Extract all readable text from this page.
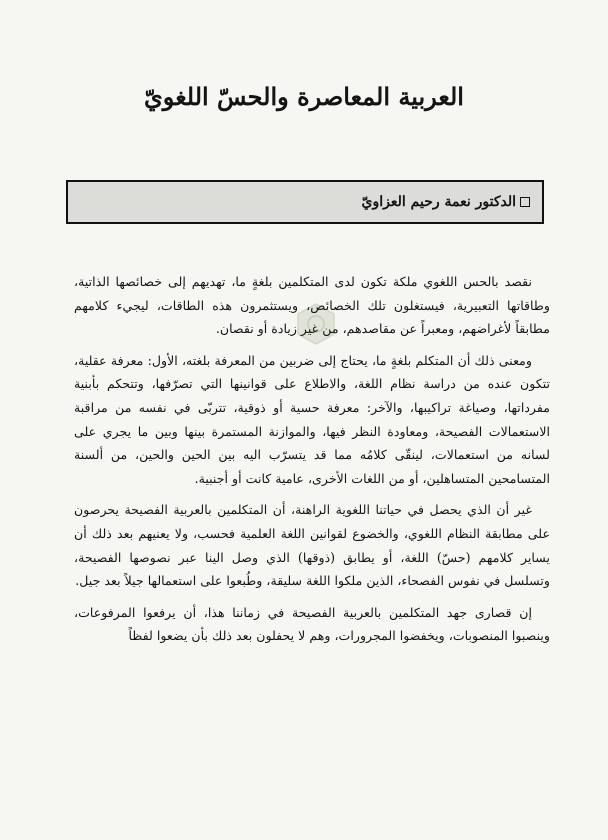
العربية المعاصرة والحسّ اللغويّ
الدكتور نعمة رحيم العزاويّ

نقصد بالحس اللغوي ملكة تكون لدى المتكلمين بلغةٍ ما، تهديهم إلى خصائصها الذاتية، وطاقاتها التعبيرية، فيستغلون تلك الخصائص، ويستثمرون هذه الطاقات، ليجيء كلامهم مطابقاً لأغراضهم، ومعبراً عن مقاصدهم، من غير زيادة أو نقصان.

ومعنى ذلك أن المتكلم بلغةٍ ما، يحتاج إلى ضربين من المعرفة بلغته، الأول: معرفة عقلية، تتكون عنده من دراسة نظام اللغة، والاطلاع على قوانينها التي تصرّفها، وتتحكم بأبنية مفرداتها، وصياغة تراكيبها، والآخر: معرفة حسية أو ذوقية، تتربّى في نفسه من مراقبة الاستعمالات الفصيحة، ومعاودة النظر فيها، والموازنة المستمرة بينها وبين ما يجري على لسانه من استعمالات، لينقّى كلامُه مما قد يتسرّب اليه بين الحين والحين، من ألسنة المتسامحين المتساهلين، أو من اللغات الأخرى، عامية كانت أو أجنبية.

غير أن الذي يحصل في حياتنا اللغوية الراهنة، أن المتكلمين بالعربية الفصيحة يحرصون على مطابقة النظام اللغوي، والخضوع لقوانين اللغة العلمية فحسب، ولا يعنيهم بعد ذلك أن يساير كلامهم (حسّ) اللغة، أو يطابق (ذوقها) الذي وصل الينا عبر نصوصها الفصيحة، وتسلسل في نفوس الفصحاء، الذين ملكوا اللغة سليقة، وطُبعوا على استعمالها جيلاً بعد جيل.

إن قصارى جهد المتكلمين بالعربية الفصيحة في زماننا هذا، أن يرفعوا المرفوعات، وينصبوا المنصوبات، ويخفضوا المجرورات، وهم لا يحفلون بعد ذلك بأن يضعوا لفظاً
